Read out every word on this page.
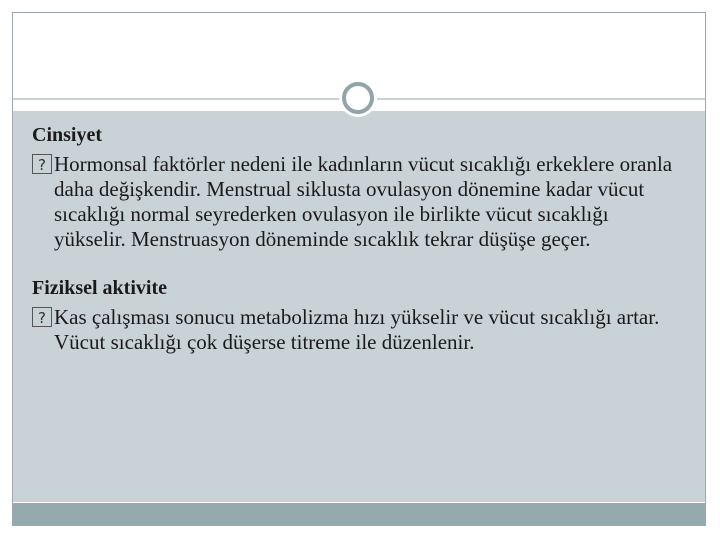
Cinsiyet

?Hormonsal faktörler nedeni ile kadınların vücut sıcaklığı erkeklere oranla daha değişkendir. Menstrual siklusta ovulasyon dönemine kadar vücut sıcaklığı normal seyrederken ovulasyon ile birlikte vücut sıcaklığı yükselir. Menstruasyon döneminde sıcaklık tekrar düşüşe geçer.

Fiziksel aktivite

?Kas çalışması sonucu metabolizma hızı yükselir ve vücut sıcaklığı artar. Vücut sıcaklığı çok düşerse titreme ile düzenlenir.
